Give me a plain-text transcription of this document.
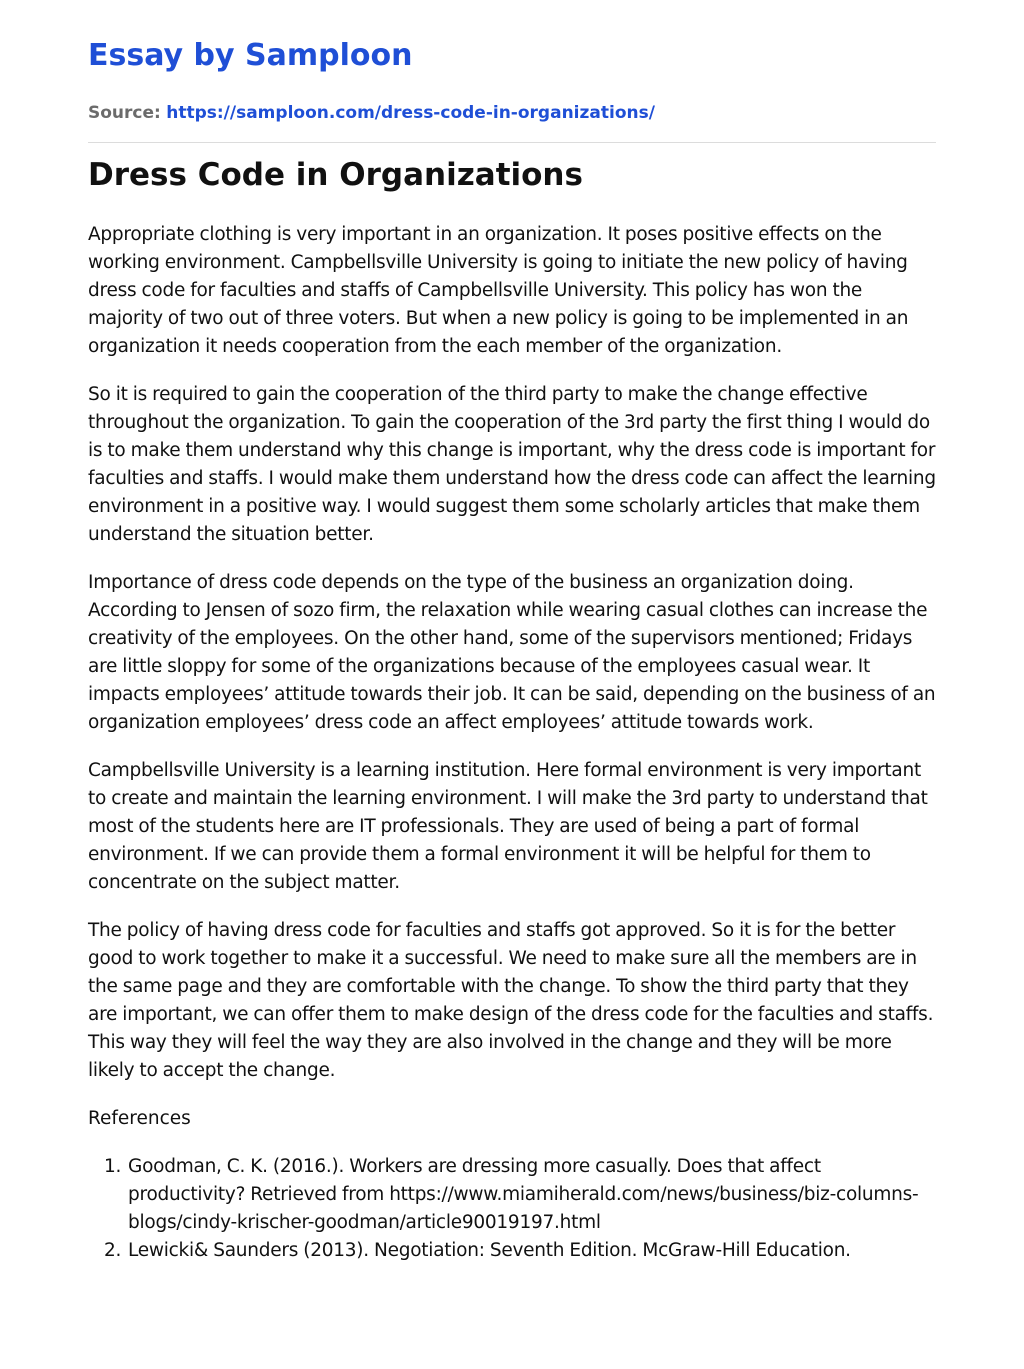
Essay by Samploon
Source: https://samploon.com/dress-code-in-organizations/
Dress Code in Organizations

Appropriate clothing is very important in an organization. It poses positive effects on the working environment. Campbellsville University is going to initiate the new policy of having dress code for faculties and staffs of Campbellsville University. This policy has won the majority of two out of three voters. But when a new policy is going to be implemented in an organization it needs cooperation from the each member of the organization.

So it is required to gain the cooperation of the third party to make the change effective throughout the organization. To gain the cooperation of the 3rd party the first thing I would do is to make them understand why this change is important, why the dress code is important for faculties and staffs. I would make them understand how the dress code can affect the learning environment in a positive way. I would suggest them some scholarly articles that make them understand the situation better.

Importance of dress code depends on the type of the business an organization doing. According to Jensen of sozo firm, the relaxation while wearing casual clothes can increase the creativity of the employees. On the other hand, some of the supervisors mentioned; Fridays are little sloppy for some of the organizations because of the employees casual wear. It impacts employees’ attitude towards their job. It can be said, depending on the business of an organization employees’ dress code an affect employees’ attitude towards work.

Campbellsville University is a learning institution. Here formal environment is very important to create and maintain the learning environment. I will make the 3rd party to understand that most of the students here are IT professionals. They are used of being a part of formal environment. If we can provide them a formal environment it will be helpful for them to concentrate on the subject matter.

The policy of having dress code for faculties and staffs got approved. So it is for the better good to work together to make it a successful. We need to make sure all the members are in the same page and they are comfortable with the change. To show the third party that they are important, we can offer them to make design of the dress code for the faculties and staffs. This way they will feel the way they are also involved in the change and they will be more likely to accept the change.

References
1. Goodman, C. K. (2016.). Workers are dressing more casually. Does that affect productivity? Retrieved from https://www.miamiherald.com/news/business/biz-columns-blogs/cindy-krischer-goodman/article90019197.html
2. Lewicki& Saunders (2013). Negotiation: Seventh Edition. McGraw-Hill Education.
